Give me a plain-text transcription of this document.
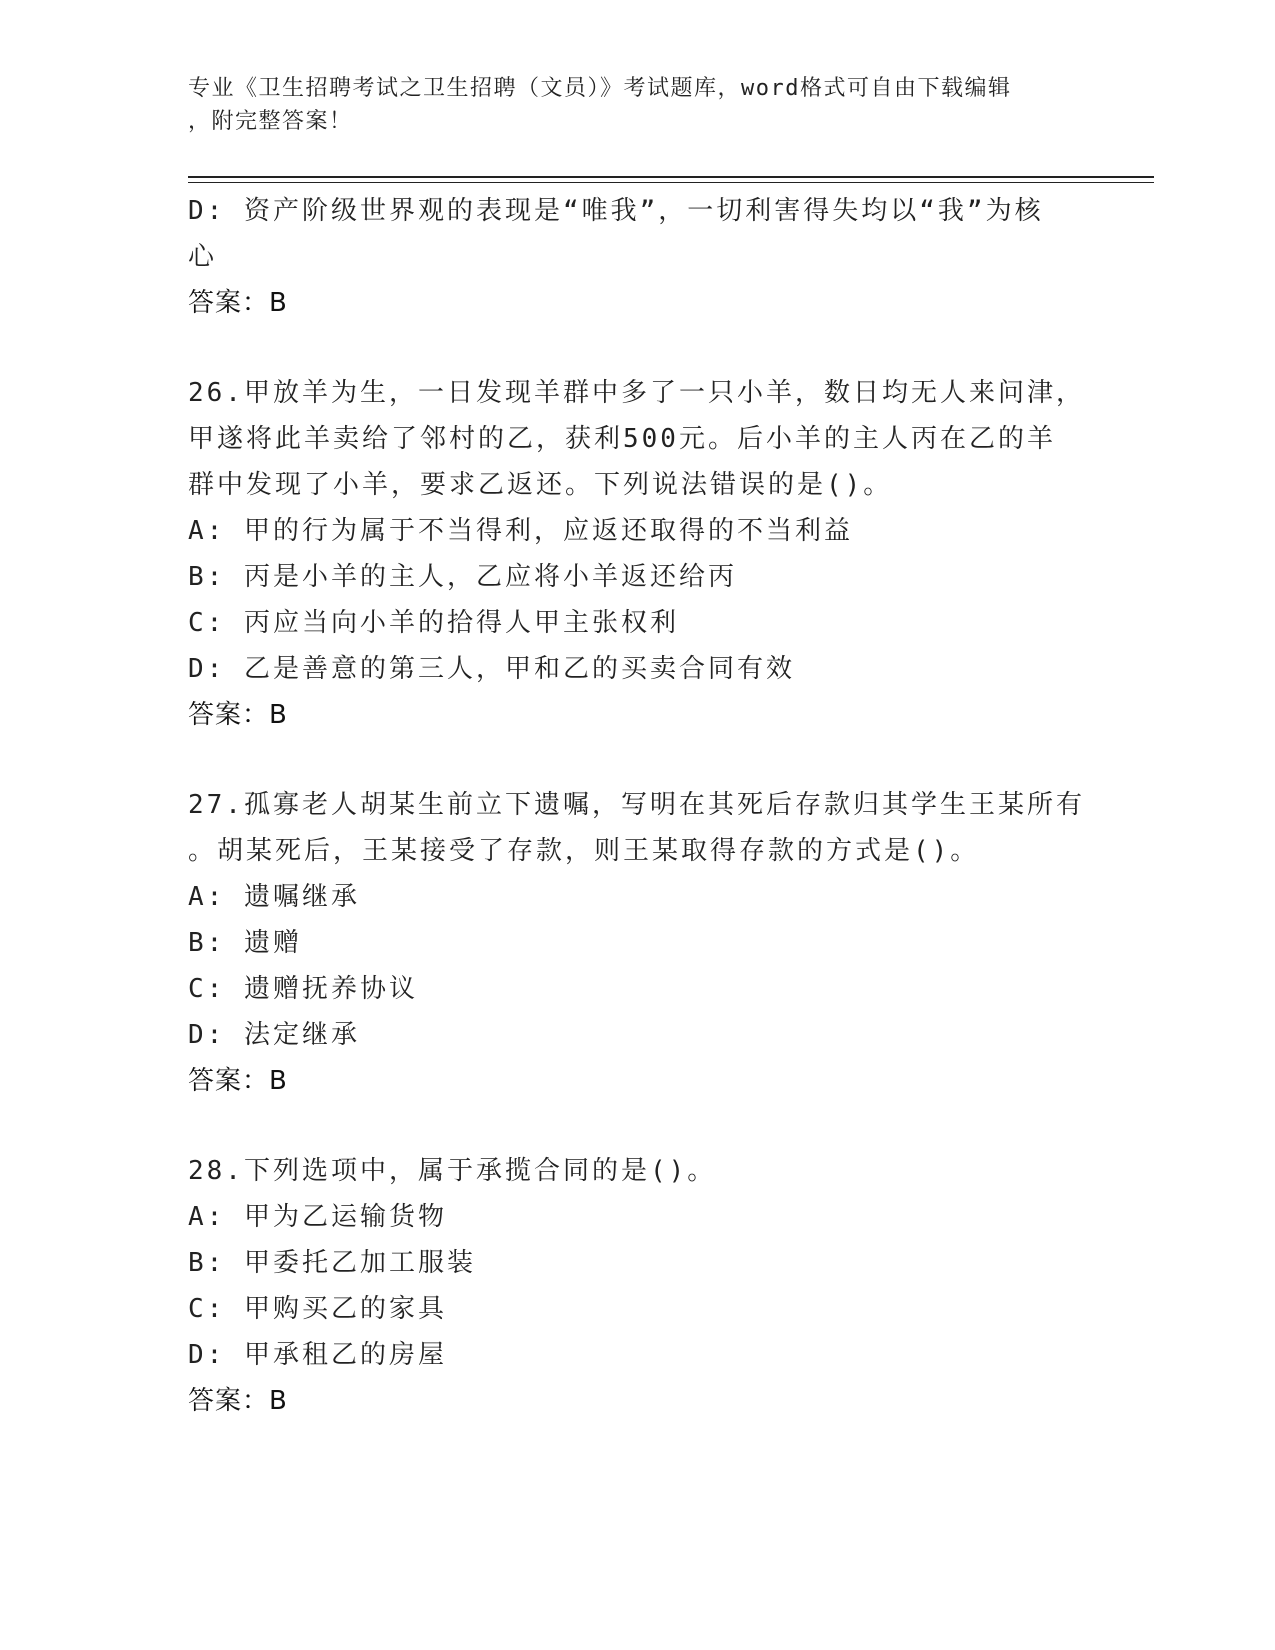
专业《卫生招聘考试之卫生招聘（文员）》考试题库，word格式可自由下载编辑
，附完整答案！
D: 资产阶级世界观的表现是“唯我”，一切利害得失均以“我”为核
心
答案：B
26.甲放羊为生，一日发现羊群中多了一只小羊，数日均无人来问津，
甲遂将此羊卖给了邻村的乙，获利500元。后小羊的主人丙在乙的羊
群中发现了小羊，要求乙返还。下列说法错误的是()。
A: 甲的行为属于不当得利，应返还取得的不当利益
B: 丙是小羊的主人，乙应将小羊返还给丙
C: 丙应当向小羊的拾得人甲主张权利
D: 乙是善意的第三人，甲和乙的买卖合同有效
答案：B
27.孤寡老人胡某生前立下遗嘱，写明在其死后存款归其学生王某所有
。胡某死后，王某接受了存款，则王某取得存款的方式是()。
A: 遗嘱继承
B: 遗赠
C: 遗赠抚养协议
D: 法定继承
答案：B
28.下列选项中，属于承揽合同的是()。
A: 甲为乙运输货物
B: 甲委托乙加工服装
C: 甲购买乙的家具
D: 甲承租乙的房屋
答案：B
